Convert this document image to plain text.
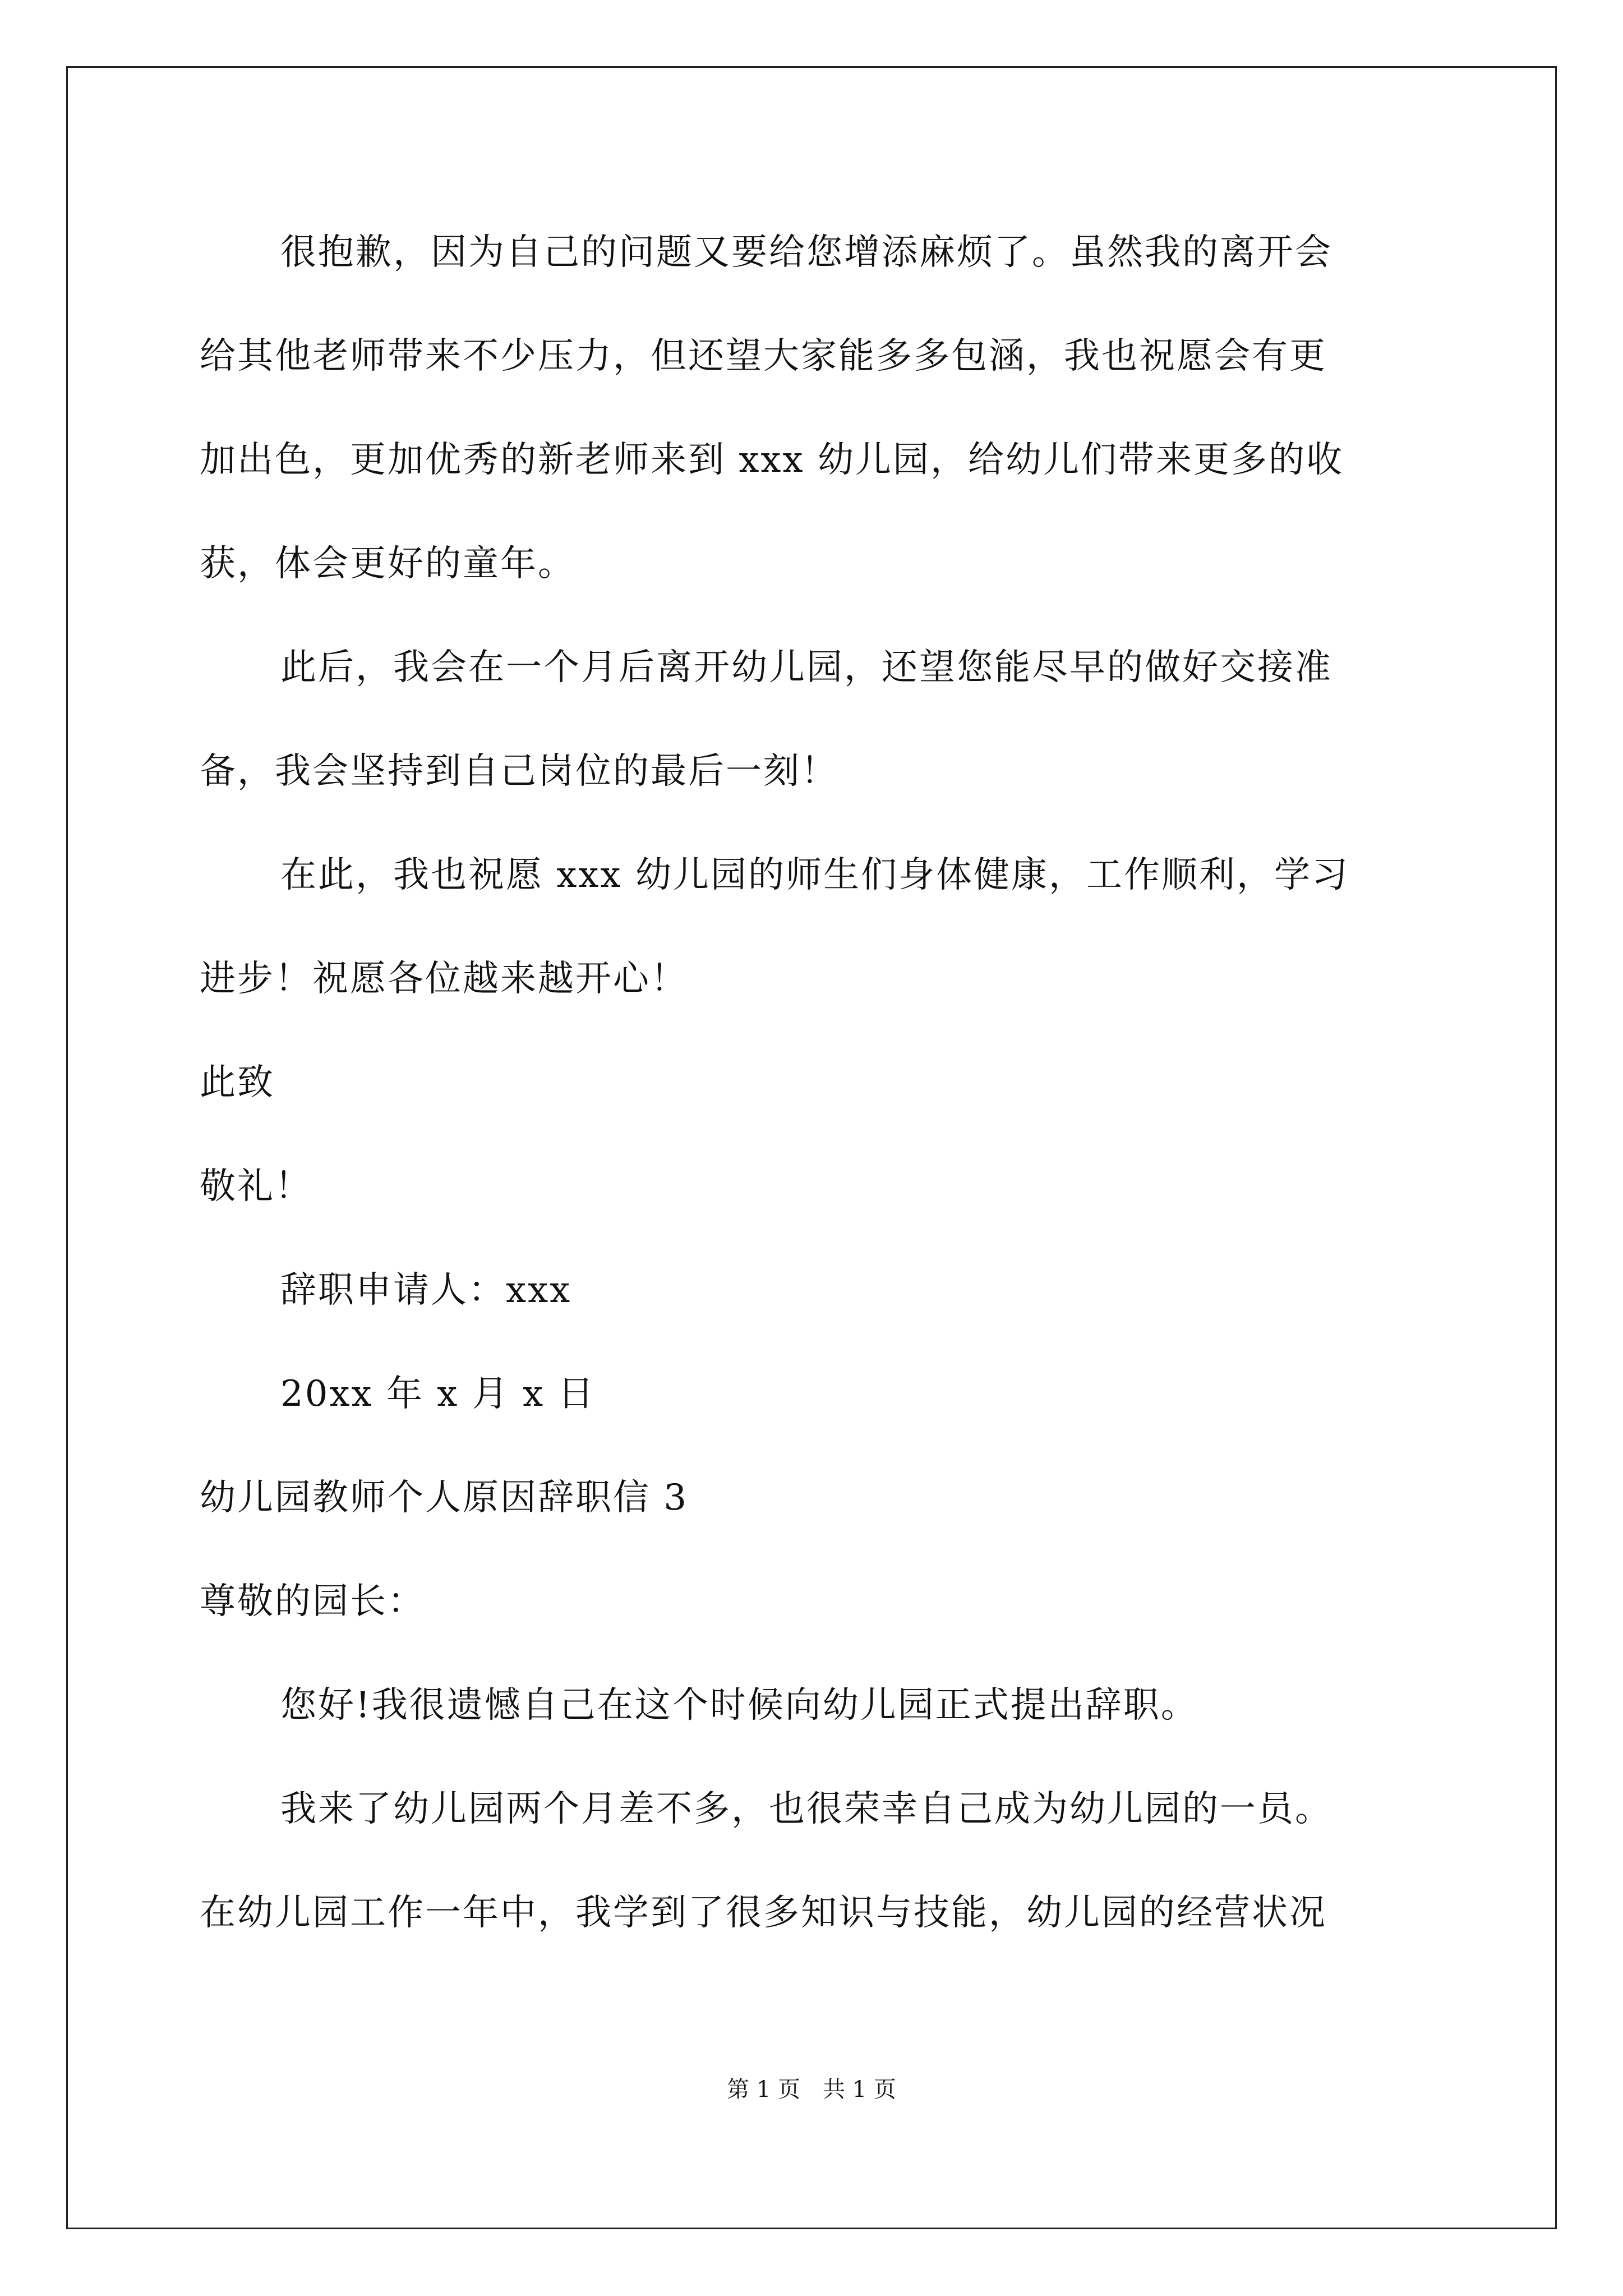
很抱歉，因为自己的问题又要给您增添麻烦了。虽然我的离开会
给其他老师带来不少压力，但还望大家能多多包涵，我也祝愿会有更
加出色，更加优秀的新老师来到 xxx 幼儿园，给幼儿们带来更多的收
获，体会更好的童年。
此后，我会在一个月后离开幼儿园，还望您能尽早的做好交接准
备，我会坚持到自己岗位的最后一刻！
在此，我也祝愿 xxx 幼儿园的师生们身体健康，工作顺利，学习
进步！祝愿各位越来越开心！
此致
敬礼！
辞职申请人：xxx
20xx 年 x 月 x 日
幼儿园教师个人原因辞职信 3
尊敬的园长：
您好!我很遗憾自己在这个时候向幼儿园正式提出辞职。
我来了幼儿园两个月差不多，也很荣幸自己成为幼儿园的一员。
在幼儿园工作一年中，我学到了很多知识与技能，幼儿园的经营状况
第 1 页　共 1 页
